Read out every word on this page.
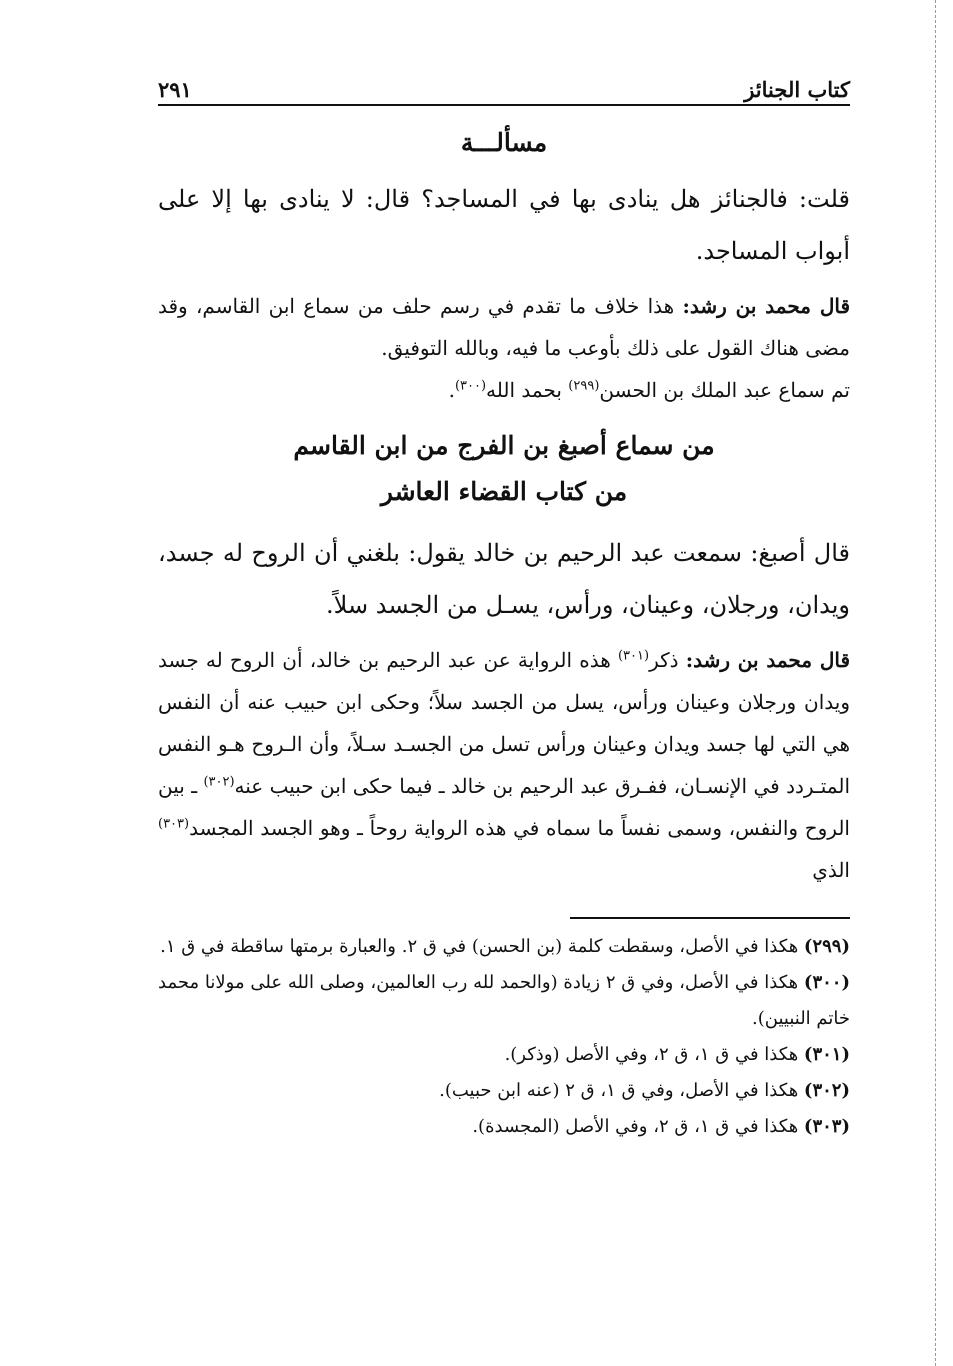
كتاب الجنائز
٢٩١
مسألـــة

قلت: فالجنائز هل ينادى بها في المساجد؟ قال: لا ينادى بها إلا على أبواب المساجد.

قال محمد بن رشد: هذا خلاف ما تقدم في رسم حلف من سماع ابن القاسم، وقد مضى هناك القول على ذلك بأوعب ما فيه، وبالله التوفيق.
تم سماع عبد الملك بن الحسن$^{(٢٩٩)}$ بحمد الله$^{(٣٠٠)}$.

من سماع أصبغ بن الفرج من ابن القاسم
من كتاب القضاء العاشر

قال أصبغ: سمعت عبد الرحيم بن خالد يقول: بلغني أن الروح له جسد، ويدان، ورجلان، وعينان، ورأس، يسـل من الجسد سلاً.

قال محمد بن رشد: ذكر$^{(٣٠١)}$ هذه الرواية عن عبد الرحيم بن خالد، أن الروح له جسد ويدان ورجلان وعينان ورأس، يسل من الجسد سلاً؛ وحكى ابن حبيب عنه أن النفس هي التي لها جسد ويدان وعينان ورأس تسل من الجسـد سـلاً، وأن الـروح هـو النفس المتـردد في الإنسـان، ففـرق عبد الرحيم بن خالد ـ فيما حكى ابن حبيب عنه$^{(٣٠٢)}$ ـ بين الروح والنفس، وسمى نفساً ما سماه في هذه الرواية روحاً ـ وهو الجسد المجسد$^{(٣٠٣)}$ الذي

(٢٩٩) هكذا في الأصل، وسقطت كلمة (بن الحسن) في ق ٢. والعبارة برمتها ساقطة في ق ١.

(٣٠٠) هكذا في الأصل، وفي ق ٢ زيادة (والحمد لله رب العالمين، وصلى الله على مولانا محمد خاتم النبيين).

(٣٠١) هكذا في ق ١، ق ٢، وفي الأصل (وذكر).

(٣٠٢) هكذا في الأصل، وفي ق ١، ق ٢ (عنه ابن حبيب).

(٣٠٣) هكذا في ق ١، ق ٢، وفي الأصل (المجسدة).
